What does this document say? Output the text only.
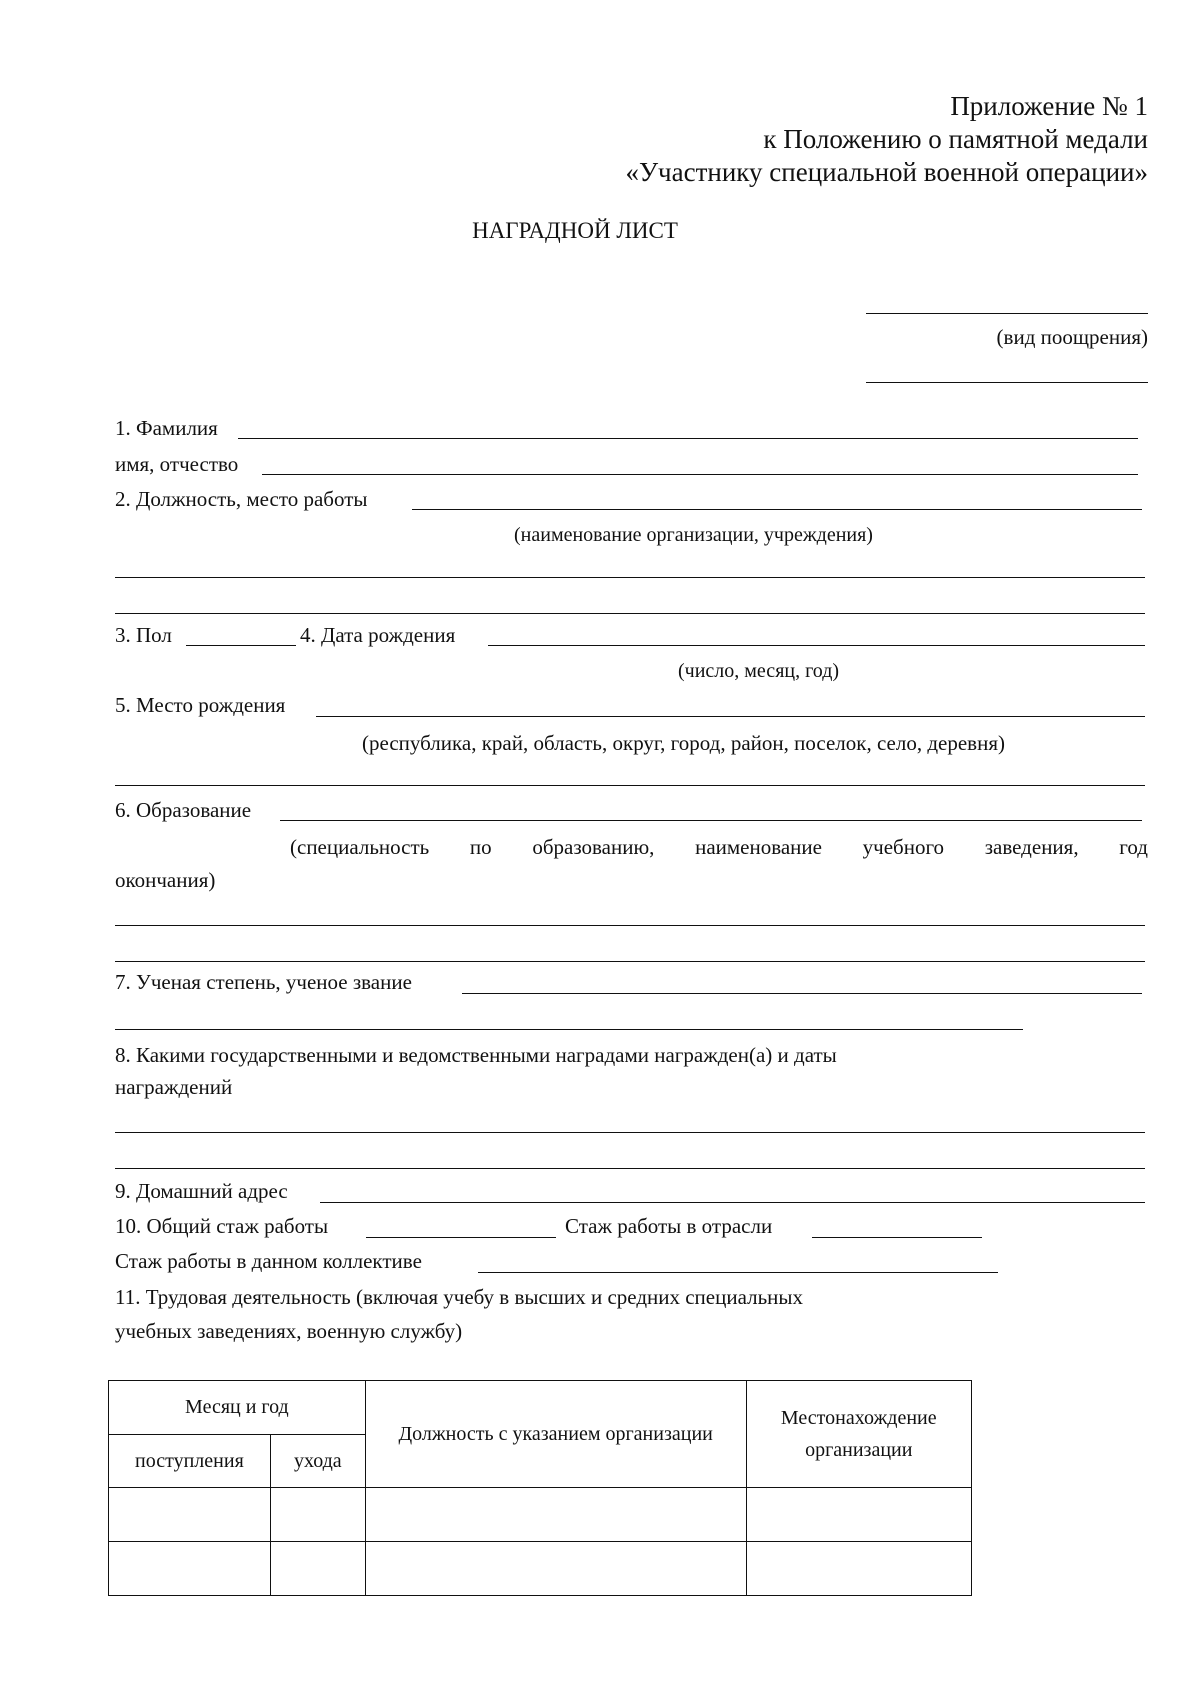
Приложение № 1
к Положению о памятной медали
«Участнику специальной военной операции»
НАГРАДНОЙ ЛИСТ
(вид поощрения)
1. Фамилия
имя, отчество
2. Должность, место работы
(наименование организации, учреждения)
3. Пол	4. Дата рождения
(число, месяц, год)
5. Место рождения
(республика, край, область, округ, город, район, поселок, село, деревня)
6. Образование
(специальность по образованию, наименование учебного заведения, год
окончания)
7. Ученая степень, ученое звание
8. Какими государственными и ведомственными наградами награжден(а) и даты
награждений
9. Домашний адрес
10. Общий стаж работы	Стаж работы в отрасли
Стаж работы в данном коллективе
11. Трудовая деятельность (включая учебу в высших и средних специальных
учебных заведениях, военную службу)
Месяц и год		Должность с указанием организации	Местонахождение организации
поступления	ухода		
